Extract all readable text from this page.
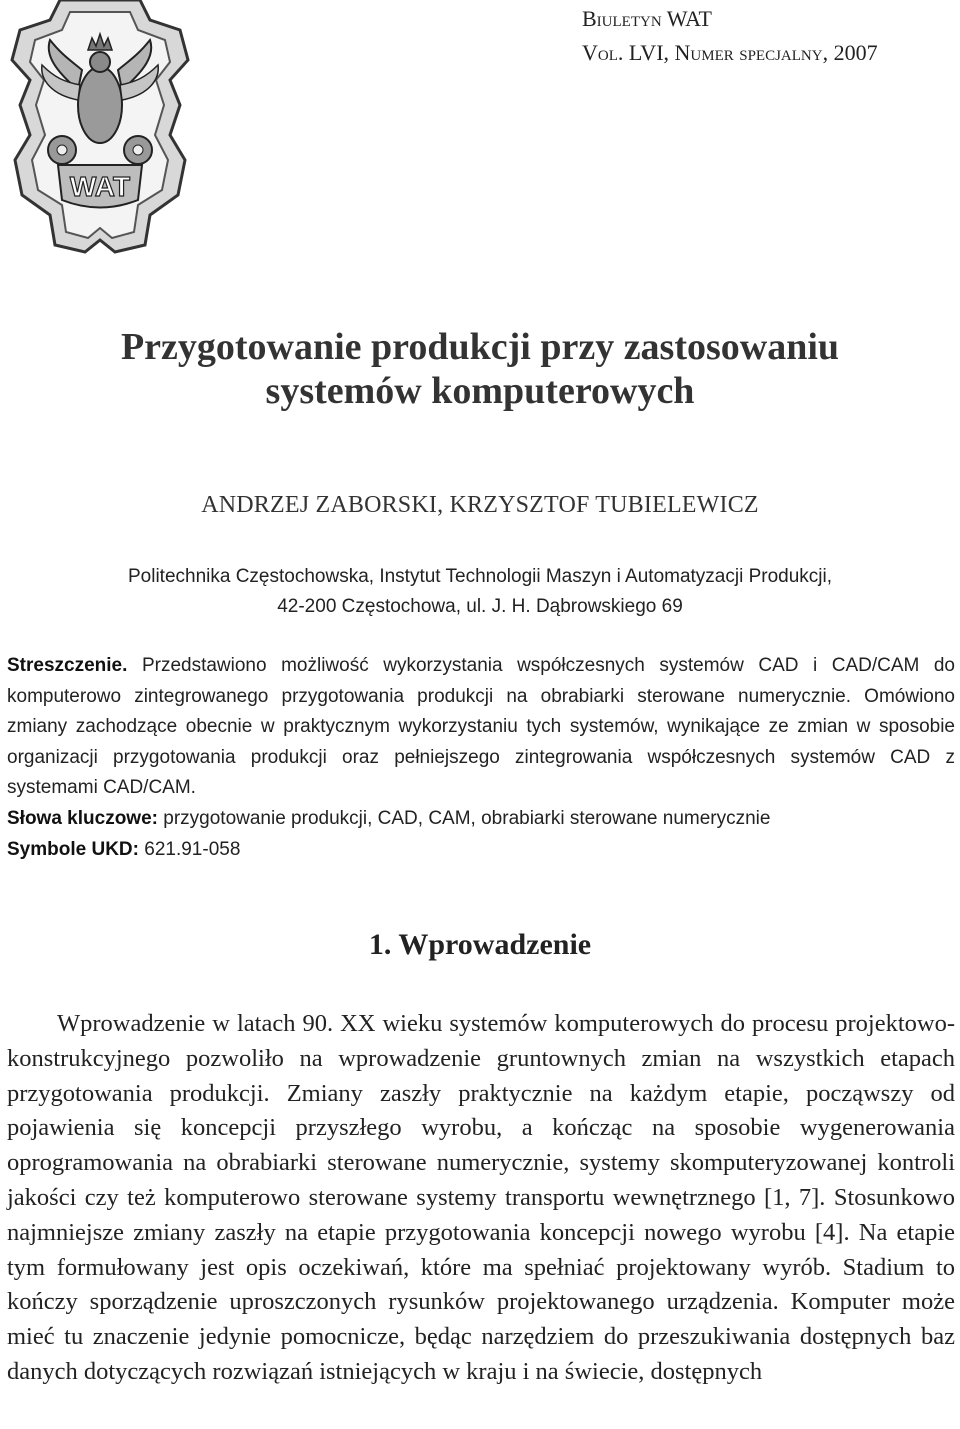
WAT
Biuletyn WAT
Vol. LVI, Numer specjalny, 2007
Przygotowanie produkcji przy zastosowaniu
systemów komputerowych
ANDRZEJ ZABORSKI, KRZYSZTOF TUBIELEWICZ
Politechnika Częstochowska, Instytut Technologii Maszyn i Automatyzacji Produkcji,
42-200 Częstochowa, ul. J. H. Dąbrowskiego 69

Streszczenie. Przedstawiono możliwość wykorzystania współczesnych systemów CAD i CAD/CAM do komputerowo zintegrowanego przygotowania produkcji na obrabiarki sterowane numerycznie. Omówiono zmiany zachodzące obecnie w praktycznym wykorzystaniu tych systemów, wynikające ze zmian w sposobie organizacji przygotowania produkcji oraz pełniejszego zintegrowania współczesnych systemów CAD z systemami CAD/CAM.

Słowa kluczowe: przygotowanie produkcji, CAD, CAM, obrabiarki sterowane numerycznie

Symbole UKD: 621.91-058

1. Wprowadzenie

Wprowadzenie w latach 90. XX wieku systemów komputerowych do procesu projektowo-konstrukcyjnego pozwoliło na wprowadzenie gruntownych zmian na wszystkich etapach przygotowania produkcji. Zmiany zaszły praktycznie na każdym etapie, począwszy od pojawienia się koncepcji przyszłego wyrobu, a kończąc na sposobie wygenerowania oprogramowania na obrabiarki sterowane numerycznie, systemy skomputeryzowanej kontroli jakości czy też komputerowo sterowane systemy transportu wewnętrznego [1, 7]. Stosunkowo najmniejsze zmiany zaszły na etapie przygotowania koncepcji nowego wyrobu [4]. Na etapie tym formułowany jest opis oczekiwań, które ma spełniać projektowany wyrób. Stadium to kończy sporządzenie uproszczonych rysunków projektowanego urządzenia. Komputer może mieć tu znaczenie jedynie pomocnicze, będąc narzędziem do przeszukiwania dostępnych baz danych dotyczących rozwiązań istniejących w kraju i na świecie, dostępnych
